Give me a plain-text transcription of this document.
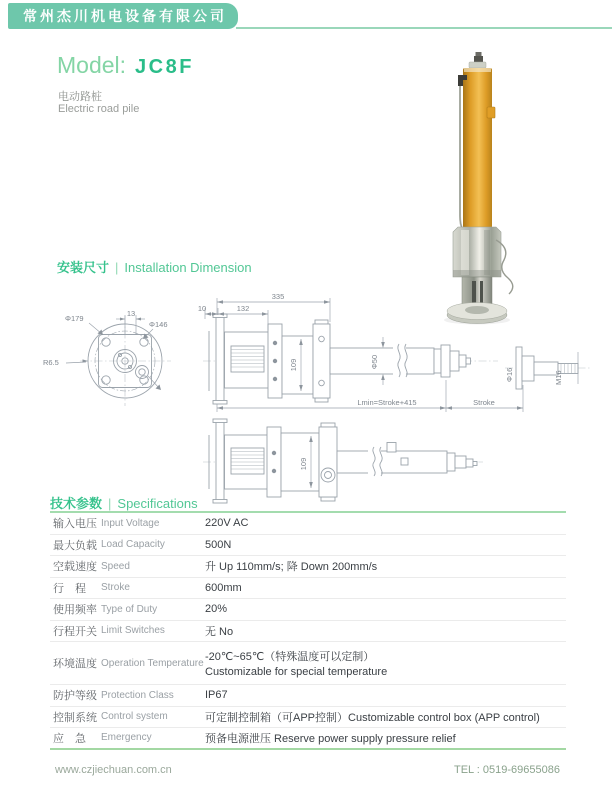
常州杰川机电设备有限公司
Model: JC8F
电动路桩
Electric road pile
安装尺寸 | Installation Dimension
13
Φ179
Φ146
R6.5
335
10	132
109	Φ50
Lmin=Stroke+415	Stroke
Φ16	M16
109
技术参数 | Specifications
输入电压 Input Voltage	220V AC
最大负载 Load Capacity	500N
空载速度 Speed	升 Up 110mm/s; 降 Down 200mm/s
行　程	Stroke	600mm
使用频率 Type of Duty	20%
行程开关 Limit Switches	无 No
环境温度 Operation Temperature -20℃~65℃（特殊温度可以定制）
Customizable for special temperature
防护等级 Protection Class	IP67
控制系统 Control system	可定制控制箱（可APP控制）Customizable control box (APP control)
应　急	Emergency	预备电源泄压 Reserve power supply pressure relief
www.czjiechuan.com.cn	TEL : 0519-69655086
